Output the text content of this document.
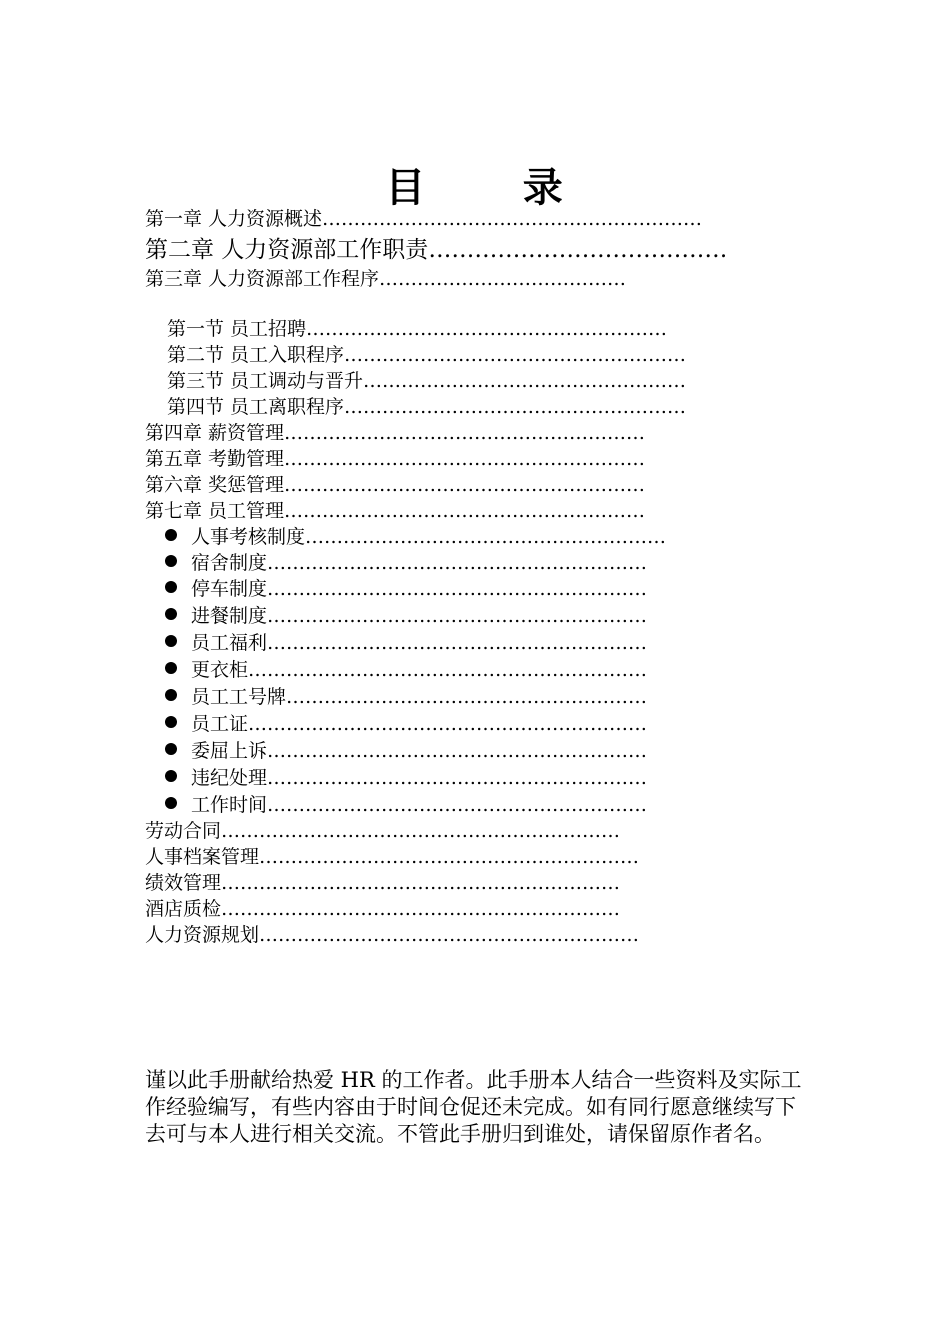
目      录
第一章 人力资源概述……………………………………………………
第二章 人力资源部工作职责…………………………………
第三章 人力资源部工作程序…………………………………
第一节 员工招聘…………………………………………………
第二节 员工入职程序………………………………………………
第三节 员工调动与晋升……………………………………………
第四节 员工离职程序………………………………………………
第四章 薪资管理…………………………………………………
第五章 考勤管理…………………………………………………
第六章 奖惩管理…………………………………………………
第七章 员工管理…………………………………………………
人事考核制度…………………………………………………
宿舍制度……………………………………………………
停车制度……………………………………………………
进餐制度……………………………………………………
员工福利……………………………………………………
更衣柜………………………………………………………
员工工号牌…………………………………………………
员工证………………………………………………………
委屈上诉……………………………………………………
违纪处理……………………………………………………
工作时间……………………………………………………
劳动合同………………………………………………………
人事档案管理……………………………………………………
绩效管理………………………………………………………
酒店质检………………………………………………………
人力资源规划……………………………………………………
谨以此手册献给热爱 HR 的工作者。此手册本人结合一些资料及实际工作经验编写，有些内容由于时间仓促还未完成。如有同行愿意继续写下去可与本人进行相关交流。不管此手册归到谁处，请保留原作者名。
